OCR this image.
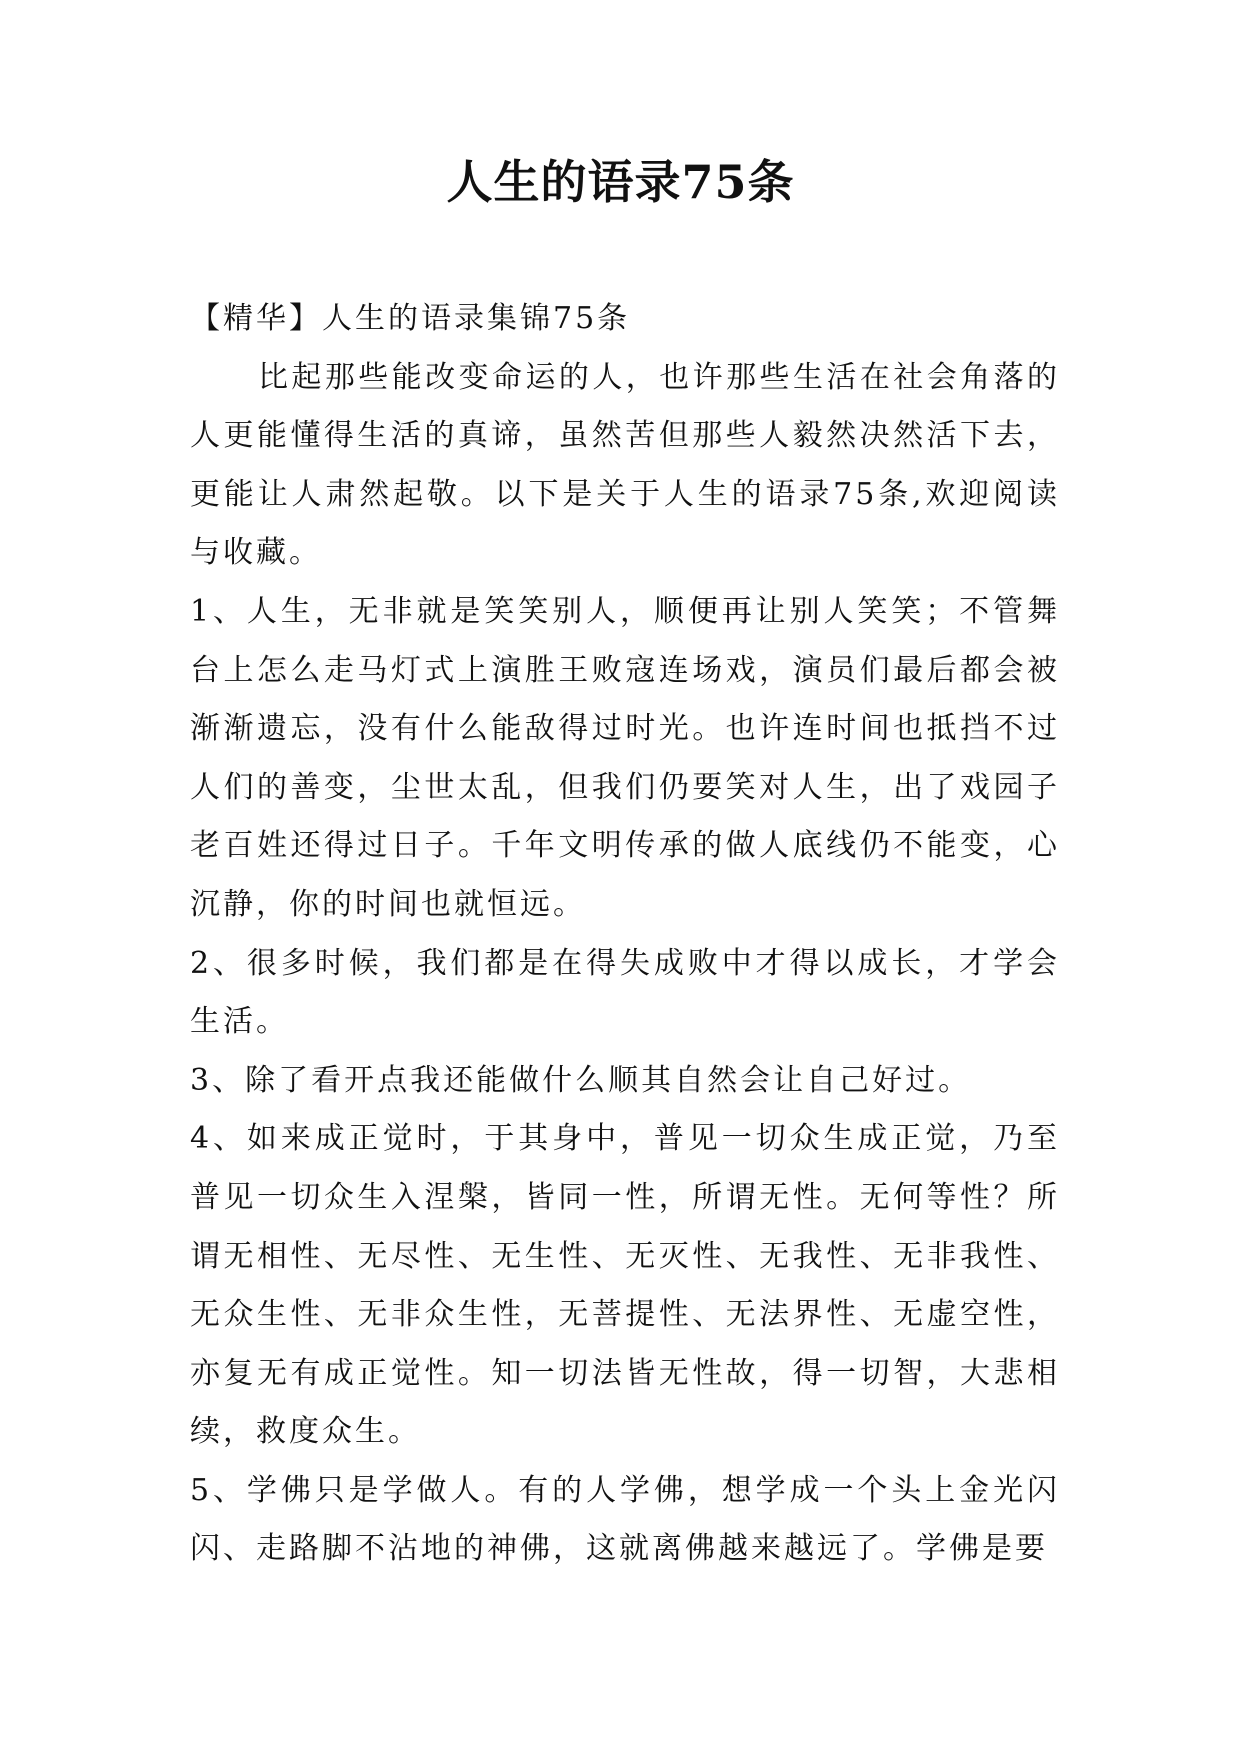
人生的语录75条

【精华】人生的语录集锦75条

比起那些能改变命运的人，也许那些生活在社会角落的人更能懂得生活的真谛，虽然苦但那些人毅然决然活下去，更能让人肃然起敬。以下是关于人生的语录75条,欢迎阅读与收藏。

1、人生，无非就是笑笑别人，顺便再让别人笑笑；不管舞台上怎么走马灯式上演胜王败寇连场戏，演员们最后都会被渐渐遗忘，没有什么能敌得过时光。也许连时间也抵挡不过人们的善变，尘世太乱，但我们仍要笑对人生，出了戏园子老百姓还得过日子。千年文明传承的做人底线仍不能变，心沉静，你的时间也就恒远。

2、很多时候，我们都是在得失成败中才得以成长，才学会生活。

3、除了看开点我还能做什么顺其自然会让自己好过。

4、如来成正觉时，于其身中，普见一切众生成正觉，乃至普见一切众生入涅槃，皆同一性，所谓无性。无何等性？所谓无相性、无尽性、无生性、无灭性、无我性、无非我性、无众生性、无非众生性，无菩提性、无法界性、无虚空性，亦复无有成正觉性。知一切法皆无性故，得一切智，大悲相续，救度众生。

5、学佛只是学做人。有的人学佛，想学成一个头上金光闪闪、走路脚不沾地的神佛，这就离佛越来越远了。学佛是要
